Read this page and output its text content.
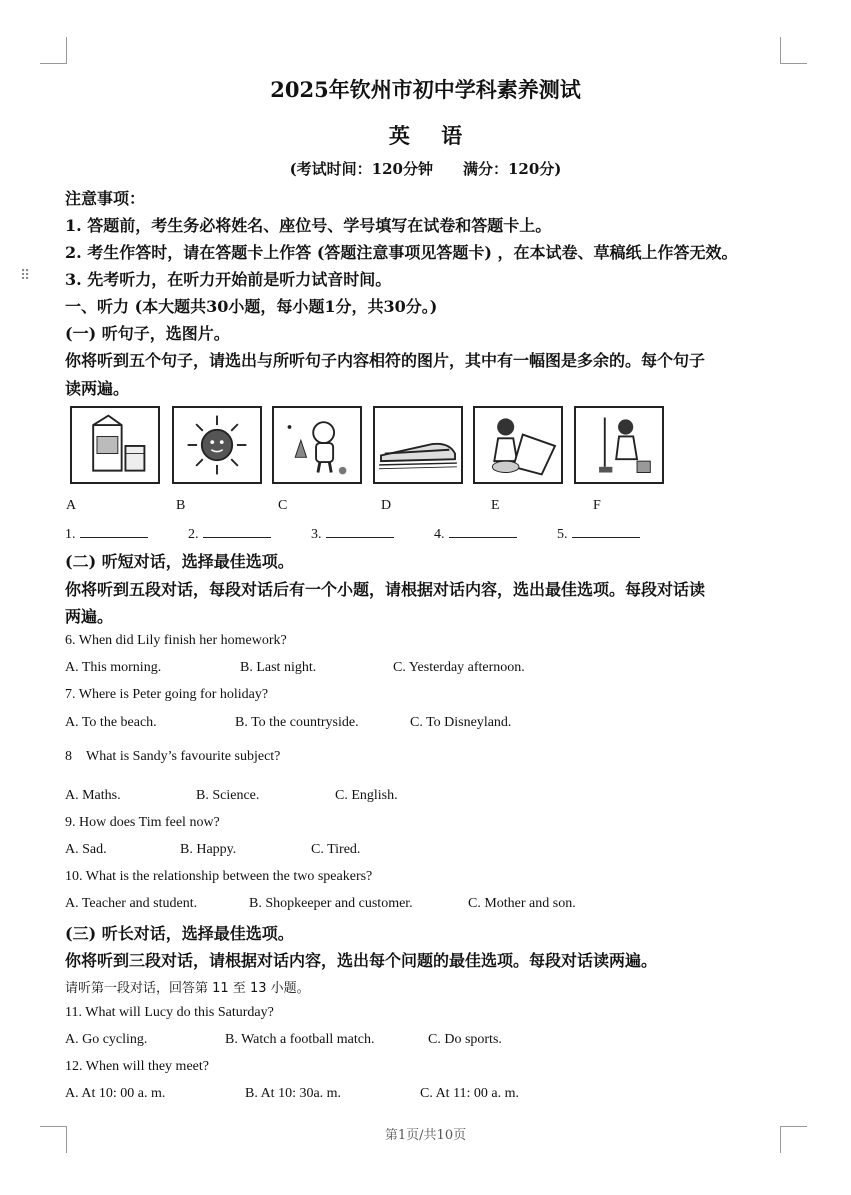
⠿
2025年钦州市初中学科素养测试
英 语
(考试时间：120分钟　　满分：120分)
注意事项：
1. 答题前，考生务必将姓名、座位号、学号填写在试卷和答题卡上。
2. 考生作答时，请在答题卡上作答 (答题注意事项见答题卡) ，在本试卷、草稿纸上作答无效。
3. 先考听力，在听力开始前是听力试音时间。
一、听力 (本大题共30小题，每小题1分，共30分。)
(一) 听句子，选图片。
你将听到五个句子，请选出与所听句子内容相符的图片，其中有一幅图是多余的。每个句子
读两遍。
A	B	C	D	E	F
1.	2.	3.	4.	5.
(二) 听短对话，选择最佳选项。
你将听到五段对话，每段对话后有一个小题，请根据对话内容，选出最佳选项。每段对话读
两遍。
6. When did Lily finish her homework?
A. This morning.	B. Last night.	C. Yesterday afternoon.
7. Where is Peter going for holiday?
A. To the beach.	B. To the countryside.	C. To Disneyland.
8　What is Sandy’s favourite subject?
A. Maths.	B. Science.	C. English.
9. How does Tim feel now?
A. Sad.	B. Happy.	C. Tired.
10. What is the relationship between the two speakers?
A. Teacher and student.	B. Shopkeeper and customer.	C. Mother and son.
(三) 听长对话，选择最佳选项。
你将听到三段对话，请根据对话内容，选出每个问题的最佳选项。每段对话读两遍。
请听第一段对话，回答第 11 至 13 小题。
11. What will Lucy do this Saturday?
A. Go cycling.	B. Watch a football match.	C. Do sports.
12. When will they meet?
A. At 10: 00 a. m.	B. At 10: 30a. m.	C. At 11: 00 a. m.
第1页/共10页
